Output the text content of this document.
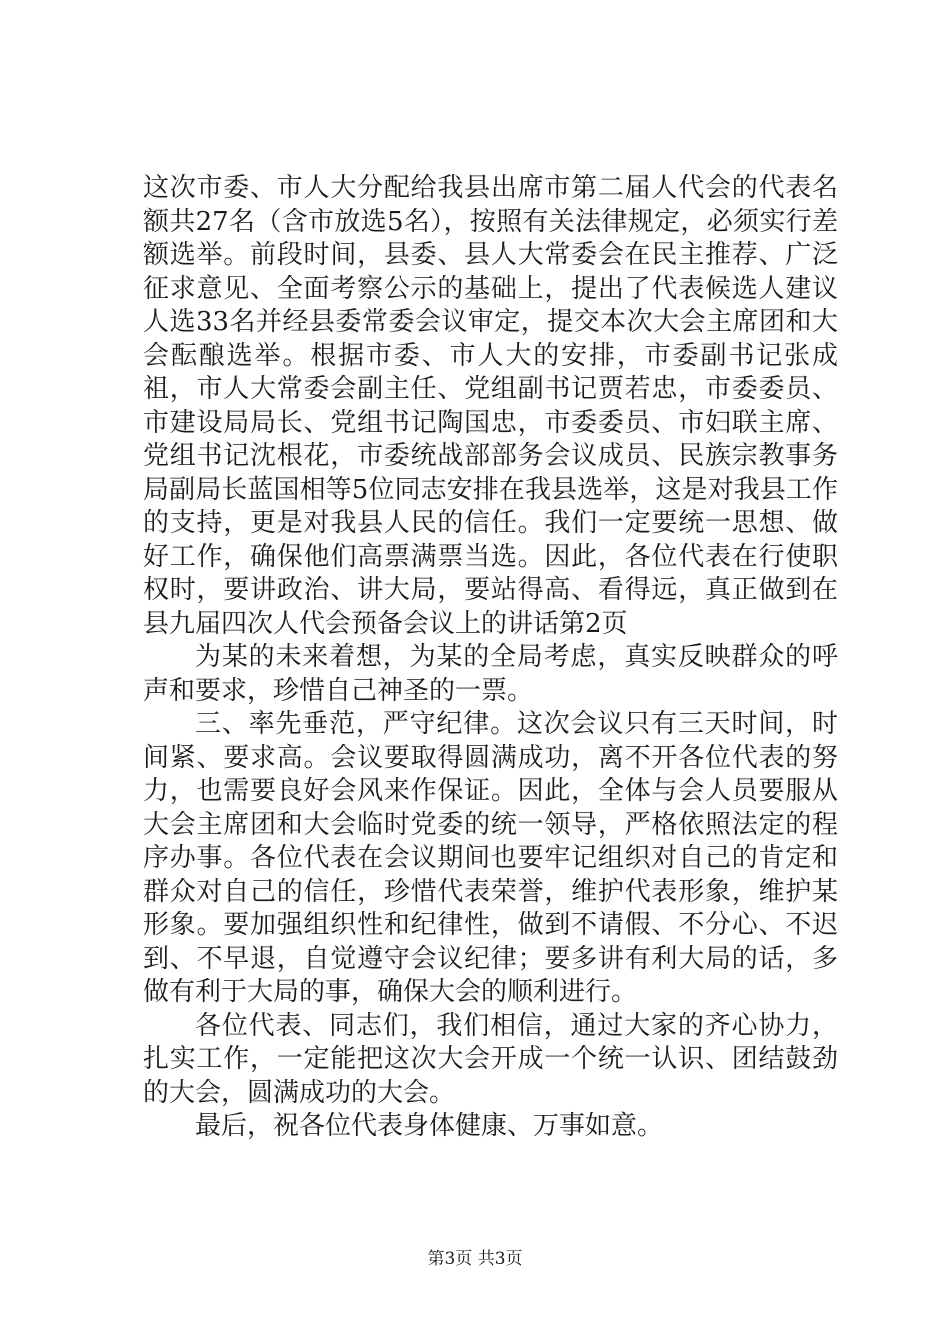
这次市委、市人大分配给我县出席市第二届人代会的代表名额共27名（含市放选5名），按照有关法律规定，必须实行差额选举。前段时间，县委、县人大常委会在民主推荐、广泛征求意见、全面考察公示的基础上，提出了代表候选人建议人选33名并经县委常委会议审定，提交本次大会主席团和大会酝酿选举。根据市委、市人大的安排，市委副书记张成祖，市人大常委会副主任、党组副书记贾若忠，市委委员、市建设局局长、党组书记陶国忠，市委委员、市妇联主席、党组书记沈根花，市委统战部部务会议成员、民族宗教事务局副局长蓝国相等5位同志安排在我县选举，这是对我县工作的支持，更是对我县人民的信任。我们一定要统一思想、做好工作，确保他们高票满票当选。因此，各位代表在行使职权时，要讲政治、讲大局，要站得高、看得远，真正做到在县九届四次人代会预备会议上的讲话第2页

为某的未来着想，为某的全局考虑，真实反映群众的呼声和要求，珍惜自己神圣的一票。

三、率先垂范，严守纪律。这次会议只有三天时间，时间紧、要求高。会议要取得圆满成功，离不开各位代表的努力，也需要良好会风来作保证。因此，全体与会人员要服从大会主席团和大会临时党委的统一领导，严格依照法定的程序办事。各位代表在会议期间也要牢记组织对自己的肯定和群众对自己的信任，珍惜代表荣誉，维护代表形象，维护某形象。要加强组织性和纪律性，做到不请假、不分心、不迟到、不早退，自觉遵守会议纪律；要多讲有利大局的话，多做有利于大局的事，确保大会的顺利进行。

各位代表、同志们，我们相信，通过大家的齐心协力，扎实工作，一定能把这次大会开成一个统一认识、团结鼓劲的大会，圆满成功的大会。

最后，祝各位代表身体健康、万事如意。

第3页 共3页
